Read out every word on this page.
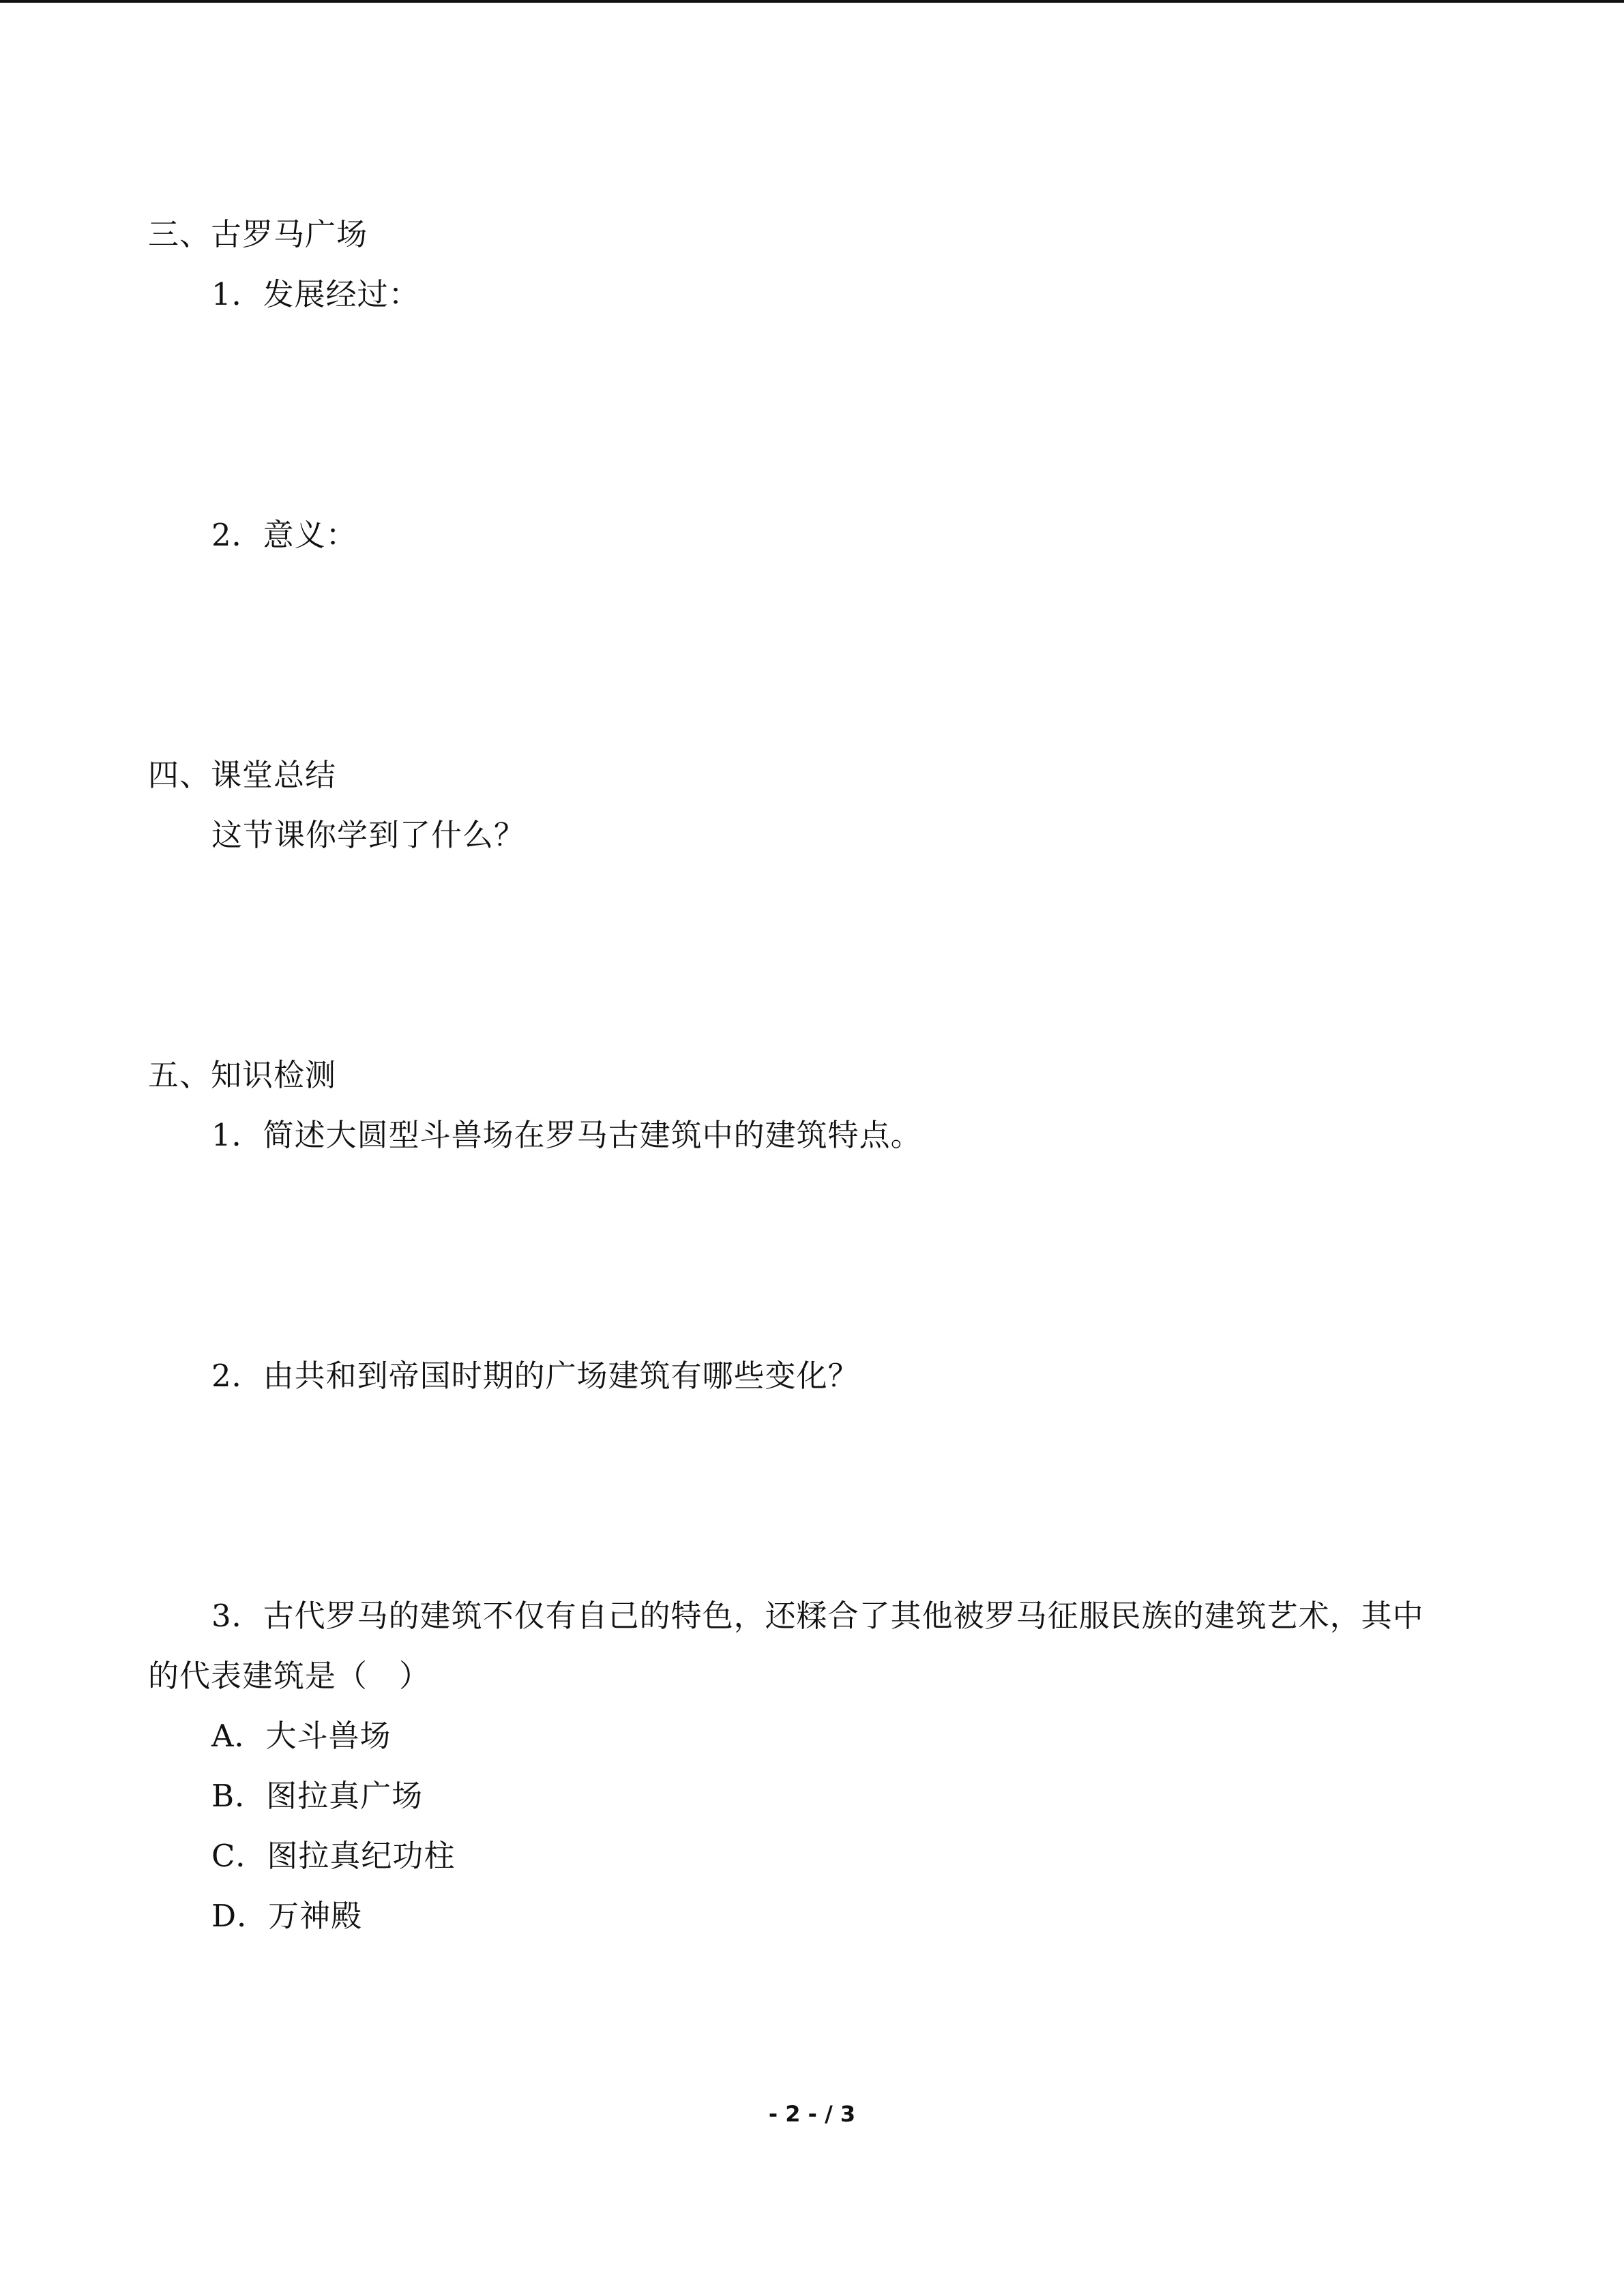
三、古罗马广场
1．发展经过：
2．意义：
四、课堂总结
这节课你学到了什么？
五、知识检测
1．简述大圆型斗兽场在罗马古建筑中的建筑特点。
2．由共和到帝国时期的广场建筑有哪些变化？
3．古代罗马的建筑不仅有自己的特色，还糅合了其他被罗马征服民族的建筑艺术，其中
的代表建筑是（　）
A．大斗兽场
B．图拉真广场
C．图拉真纪功柱
D．万神殿
- 2 - / 3
